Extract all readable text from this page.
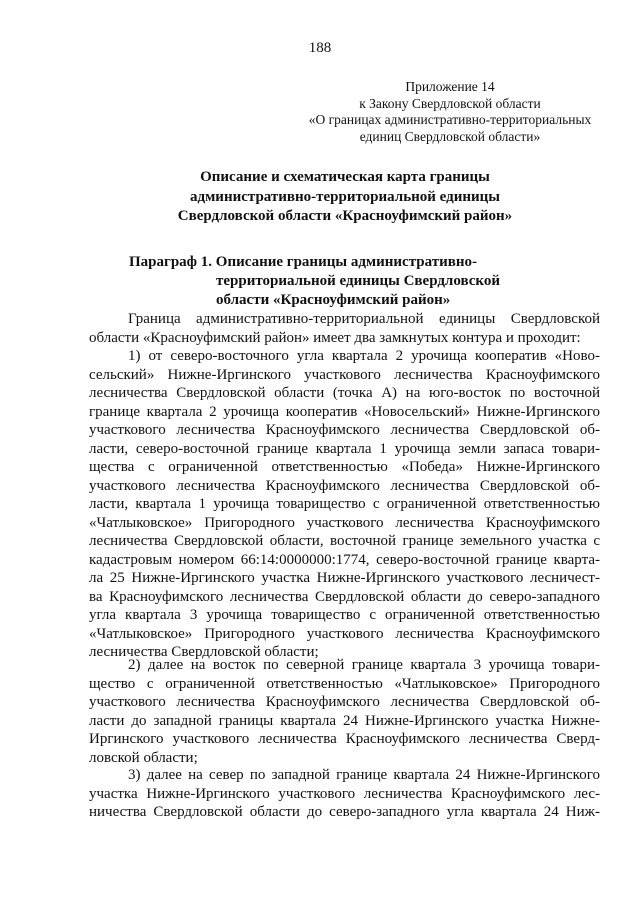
188
Приложение 14
к Закону Свердловской области
«О границах административно-территориальных
единиц Свердловской области»
Описание и схематическая карта границы
административно-территориальной единицы
Свердловской области «Красноуфимский район»
Параграф 1. Описание границы административно-
территориальной единицы Свердловской
области «Красноуфимский район»
Граница административно-территориальной единицы Свердловской
области «Красноуфимский район» имеет два замкнутых контура и проходит:
1) от северо-восточного угла квартала 2 урочища кооператив «Ново-
сельский» Нижне-Иргинского участкового лесничества Красноуфимского
лесничества Свердловской области (точка А) на юго-восток по восточной
границе квартала 2 урочища кооператив «Новосельский» Нижне-Иргинского
участкового лесничества Красноуфимского лесничества Свердловской об-
ласти, северо-восточной границе квартала 1 урочища земли запаса товари-
щества с ограниченной ответственностью «Победа» Нижне-Иргинского
участкового лесничества Красноуфимского лесничества Свердловской об-
ласти, квартала 1 урочища товарищество с ограниченной ответственностью
«Чатлыковское» Пригородного участкового лесничества Красноуфимского
лесничества Свердловской области, восточной границе земельного участка с
кадастровым номером 66:14:0000000:1774, северо-восточной границе кварта-
ла 25 Нижне-Иргинского участка Нижне-Иргинского участкового лесничест-
ва Красноуфимского лесничества Свердловской области до северо-западного
угла квартала 3 урочища товарищество с ограниченной ответственностью
«Чатлыковское» Пригородного участкового лесничества Красноуфимского
лесничества Свердловской области;
2) далее на восток по северной границе квартала 3 урочища товари-
щество с ограниченной ответственностью «Чатлыковское» Пригородного
участкового лесничества Красноуфимского лесничества Свердловской об-
ласти до западной границы квартала 24 Нижне-Иргинского участка Нижне-
Иргинского участкового лесничества Красноуфимского лесничества Сверд-
ловской области;
3) далее на север по западной границе квартала 24 Нижне-Иргинского
участка Нижне-Иргинского участкового лесничества Красноуфимского лес-
ничества Свердловской области до северо-западного угла квартала 24 Ниж-
